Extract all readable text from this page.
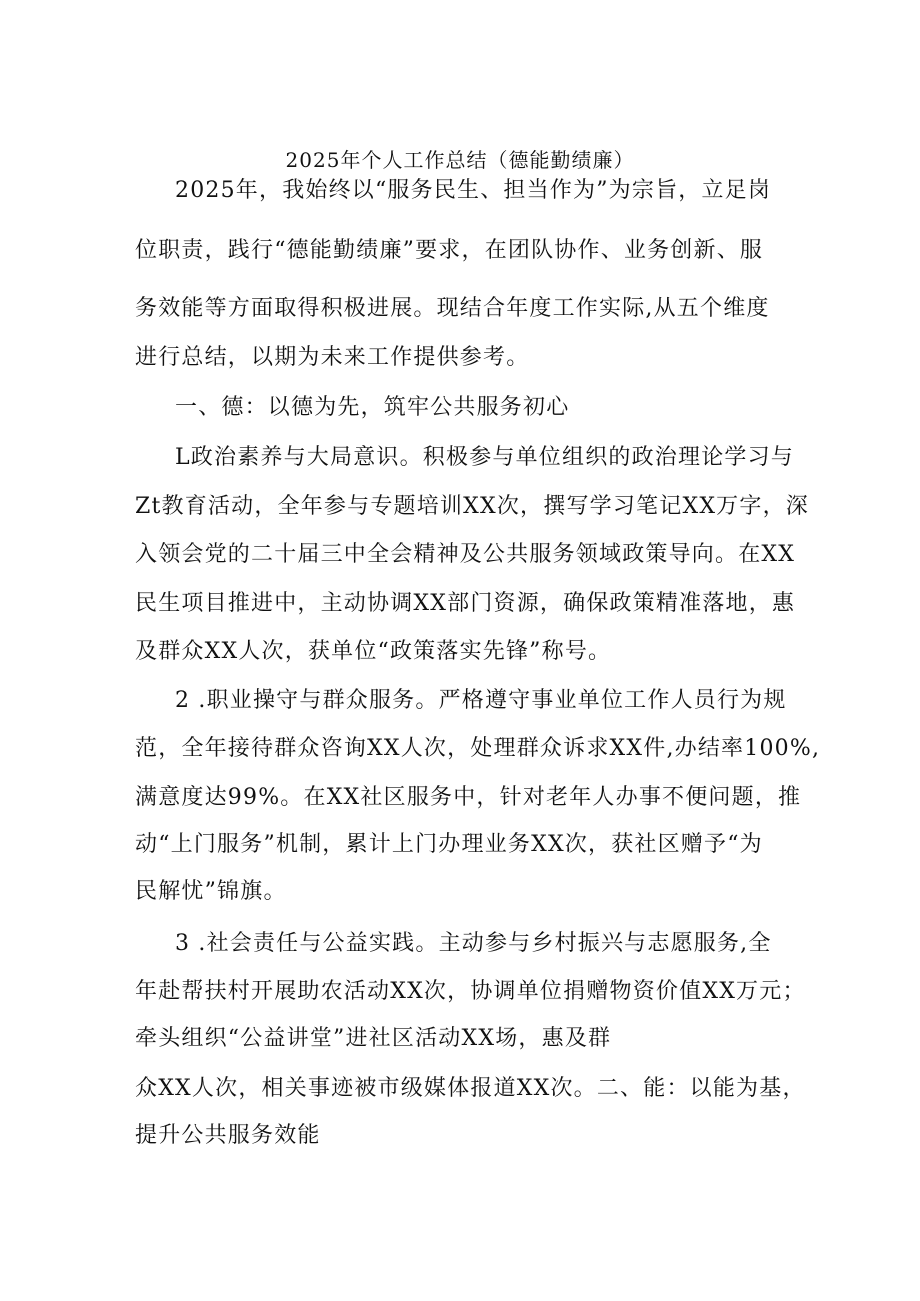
2025年个人工作总结（德能勤绩廉）
2025年，我始终以“服务民生、担当作为”为宗旨，立足岗
位职责，践行“德能勤绩廉”要求，在团队协作、业务创新、服
务效能等方面取得积极进展。现结合年度工作实际,从五个维度
进行总结，以期为未来工作提供参考。
一、德：以德为先，筑牢公共服务初心
L政治素养与大局意识。积极参与单位组织的政治理论学习与
Zt教育活动，全年参与专题培训XX次，撰写学习笔记XX万字，深
入领会党的二十届三中全会精神及公共服务领域政策导向。在XX
民生项目推进中，主动协调XX部门资源，确保政策精准落地，惠
及群众XX人次，获单位“政策落实先锋”称号。
2 .职业操守与群众服务。严格遵守事业单位工作人员行为规
范，全年接待群众咨询XX人次，处理群众诉求XX件,办结率100%,
满意度达99%。在XX社区服务中，针对老年人办事不便问题，推
动“上门服务”机制，累计上门办理业务XX次，获社区赠予“为
民解忧”锦旗。
3 .社会责任与公益实践。主动参与乡村振兴与志愿服务,全
年赴帮扶村开展助农活动XX次，协调单位捐赠物资价值XX万元；
牵头组织“公益讲堂”进社区活动XX场，惠及群
众XX人次，相关事迹被市级媒体报道XX次。二、能：以能为基，
提升公共服务效能
